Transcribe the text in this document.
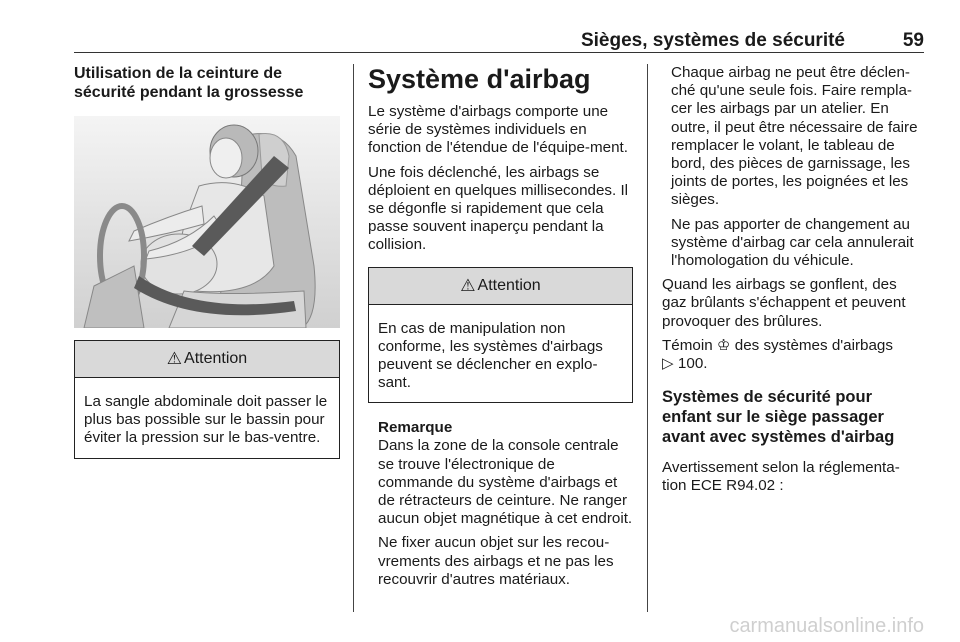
Sièges, systèmes de sécurité	59
Utilisation de la ceinture de
sécurité pendant la grossesse
⚠ Attention

La sangle abdominale doit passer le plus bas possible sur le bassin pour éviter la pression sur le bas-ventre.

Système d'airbag

Le système d'airbags comporte une série de systèmes individuels en fonction de l'étendue de l'équipe-ment.

Une fois déclenché, les airbags se déploient en quelques millisecondes. Il se dégonfle si rapidement que cela passe souvent inaperçu pendant la collision.

⚠ Attention

En cas de manipulation non conforme, les systèmes d'airbags peuvent se déclencher en explo-sant.

Remarque

Dans la zone de la console centrale se trouve l'électronique de commande du système d'airbags et de rétracteurs de ceinture. Ne ranger aucun objet magnétique à cet endroit.

Ne fixer aucun objet sur les recou-vrements des airbags et ne pas les recouvrir d'autres matériaux.

Chaque airbag ne peut être déclen-ché qu'une seule fois. Faire rempla-cer les airbags par un atelier. En outre, il peut être nécessaire de faire remplacer le volant, le tableau de bord, des pièces de garnissage, les joints de portes, les poignées et les sièges.

Ne pas apporter de changement au système d'airbag car cela annulerait l'homologation du véhicule.

Quand les airbags se gonflent, des gaz brûlants s'échappent et peuvent provoquer des brûlures.

Témoin ♔ des systèmes d'airbags
▷ 100.

Systèmes de sécurité pour enfant sur le siège passager avant avec systèmes d'airbag

Avertissement selon la réglementa-tion ECE R94.02 :

carmanualsonline.info
